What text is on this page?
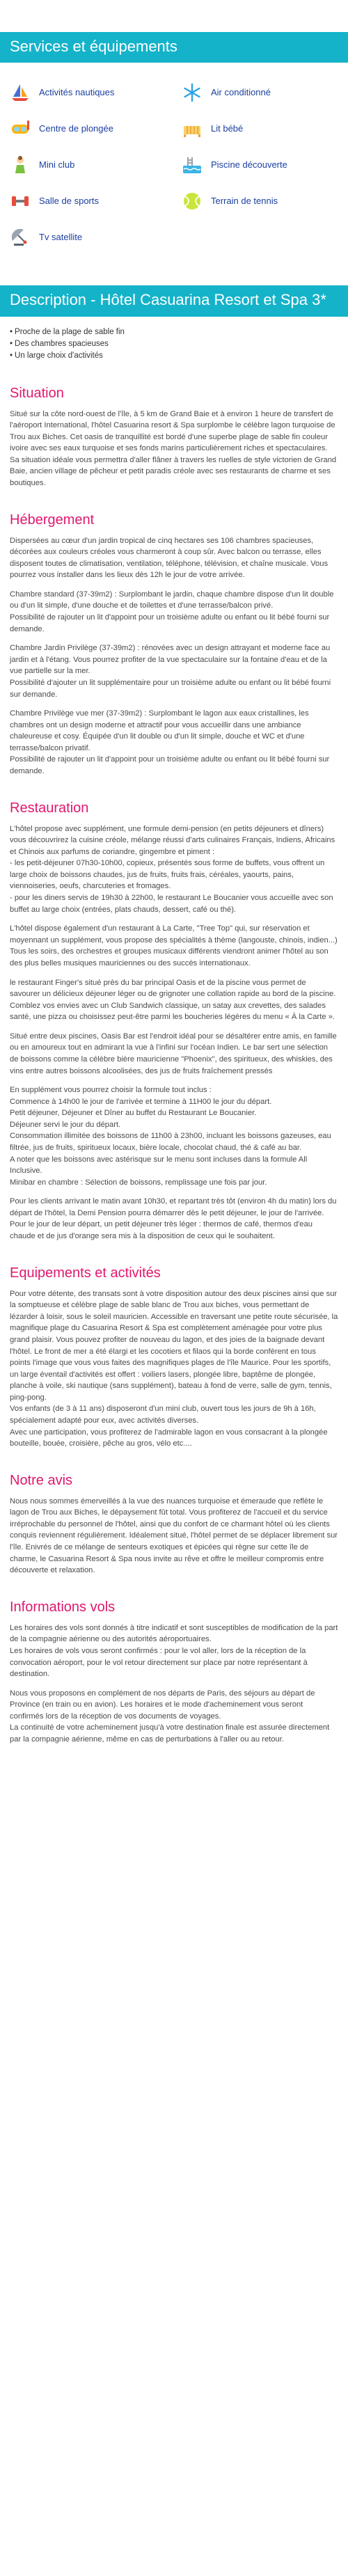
Services et équipements
Activités nautiques	Air conditionné
Centre de plongée	Lit bébé
Mini club	Piscine découverte
Salle de sports	Terrain de tennis
Tv satellite
Description - Hôtel Casuarina Resort et Spa 3*
• Proche de la plage de sable fin
• Des chambres spacieuses
• Un large choix d'activités
Situation

Situé sur la côte nord-ouest de l'île, à 5 km de Grand Baie et à environ 1 heure de transfert de l'aéroport International, l'hôtel Casuarina resort & Spa surplombe le célèbre lagon turquoise de Trou aux Biches. Cet oasis de tranquillité est bordé d'une superbe plage de sable fin couleur ivoire avec ses eaux turquoise et ses fonds marins particulièrement riches et spectaculaires. Sa situation idéale vous permettra d'aller flâner à travers les ruelles de style victorien de Grand Baie, ancien village de pêcheur et petit paradis créole avec ses restaurants de charme et ses boutiques.

Hébergement

Dispersées au cœur d'un jardin tropical de cinq hectares ses 106 chambres spacieuses, décorées aux couleurs créoles vous charmeront à coup sûr. Avec balcon ou terrasse, elles disposent toutes de climatisation, ventilation, téléphone, télévision, et chaîne musicale. Vous pourrez vous installer dans les lieux dès 12h le jour de votre arrivée.

Chambre standard (37-39m2) : Surplombant le jardin, chaque chambre dispose d'un lit double ou d'un lit simple, d'une douche et de toilettes et d'une terrasse/balcon privé.

Possibilité de rajouter un lit d'appoint pour un troisième adulte ou enfant ou lit bébé fourni sur demande.

Chambre Jardin Privilège (37-39m2) : rénovées avec un design attrayant et moderne face au jardin et à l'étang. Vous pourrez profiter de la vue spectaculaire sur la fontaine d'eau et de la vue partielle sur la mer.

Possibilité d'ajouter un lit supplémentaire pour un troisième adulte ou enfant ou lit bébé fourni sur demande.

Chambre Privilège vue mer (37-39m2) : Surplombant le lagon aux eaux cristallines, les chambres ont un design moderne et attractif pour vous accueillir dans une ambiance chaleureuse et cosy. Équipée d'un lit double ou d'un lit simple, douche et WC et d'une terrasse/balcon privatif.

Possibilité de rajouter un lit d'appoint pour un troisième adulte ou enfant ou lit bébé fourni sur demande.

Restauration

L'hôtel propose avec supplément, une formule demi-pension (en petits déjeuners et dîners) vous découvrirez la cuisine créole, mélange réussi d'arts culinaires Français, Indiens, Africains et Chinois aux parfums de coriandre, gingembre et piment :

- les petit-déjeuner 07h30-10h00, copieux, présentés sous forme de buffets, vous offrent un large choix de boissons chaudes, jus de fruits, fruits frais, céréales, yaourts, pains, viennoiseries, oeufs, charcuteries et fromages.

- pour les diners servis de 19h30 à 22h00, le restaurant Le Boucanier vous accueille avec son buffet au large choix (entrées, plats chauds, dessert, café ou thé).

L'hôtel dispose également d'un restaurant à La Carte, "Tree Top" qui, sur réservation et moyennant un supplément, vous propose des spécialités à thème (langouste, chinois, indien...)

Tous les soirs, des orchestres et groupes musicaux différents viendront animer l'hôtel au son des plus belles musiques mauriciennes ou des succès internationaux.

le restaurant Finger's situé près du bar principal Oasis et de la piscine vous permet de savourer un délicieux déjeuner léger ou de grignoter une collation rapide au bord de la piscine. Comblez vos envies avec un Club Sandwich classique, un satay aux crevettes, des salades santé, une pizza ou choisissez peut-être parmi les boucheries légères du menu « À la Carte ».

Situé entre deux piscines, Oasis Bar est l'endroit idéal pour se désaltérer entre amis, en famille ou en amoureux tout en admirant la vue à l'infini sur l'océan Indien. Le bar sert une sélection de boissons comme la célèbre bière mauricienne "Phoenix", des spiritueux, des whiskies, des vins entre autres boissons alcoolisées, des jus de fruits fraîchement pressés

En supplément vous pourrez choisir la formule tout inclus :

Commence à 14h00 le jour de l'arrivée et termine à 11H00 le jour du départ.

Petit déjeuner, Déjeuner et Dîner au buffet du Restaurant Le Boucanier.

Déjeuner servi le jour du départ.

Consommation illimitée des boissons de 11h00 à 23h00, incluant les boissons gazeuses, eau filtrée, jus de fruits, spiritueux locaux, bière locale, chocolat chaud, thé & café au bar.

A noter que les boissons avec astérisque sur le menu sont incluses dans la formule All Inclusive.

Minibar en chambre : Sélection de boissons, remplissage une fois par jour.

Pour les clients arrivant le matin avant 10h30, et repartant très tôt (environ 4h du matin) lors du départ de l'hôtel, la Demi Pension pourra démarrer dès le petit déjeuner, le jour de l'arrivée.

Pour le jour de leur départ, un petit déjeuner très léger : thermos de café, thermos d'eau chaude et de jus d'orange sera mis à la disposition de ceux qui le souhaitent.

Equipements et activités

Pour votre détente, des transats sont à votre disposition autour des deux piscines ainsi que sur la somptueuse et célèbre plage de sable blanc de Trou aux biches, vous permettant de lézarder à loisir, sous le soleil mauricien. Accessible en traversant une petite route sécurisée, la magnifique plage du Casuarina Resort & Spa est complètement aménagée pour votre plus grand plaisir. Vous pouvez profiter de nouveau du lagon, et des joies de la baignade devant l'hôtel. Le front de mer a été élargi et les cocotiers et filaos qui la borde confèrent en tous points l'image que vous vous faites des magnifiques plages de l'île Maurice. Pour les sportifs, un large éventail d'activités est offert : voiliers lasers, plongée libre, baptême de plongée, planche à voile, ski nautique (sans supplément), bateau à fond de verre, salle de gym, tennis, ping-pong.

Vos enfants (de 3 à 11 ans) disposeront d'un mini club, ouvert tous les jours de 9h à 16h, spécialement adapté pour eux, avec activités diverses.

Avec une participation, vous profiterez de l'admirable lagon en vous consacrant à la plongée bouteille, bouée, croisière, pêche au gros, vélo etc....

Notre avis

Nous nous sommes émerveillés à la vue des nuances turquoise et émeraude que reflète le lagon de Trou aux Biches, le dépaysement fût total. Vous profiterez de l'accueil et du service irréprochable du personnel de l'hôtel, ainsi que du confort de ce charmant hôtel où les clients conquis reviennent régulièrement. Idéalement situé, l'hôtel permet de se déplacer librement sur l'île. Enivrés de ce mélange de senteurs exotiques et épicées qui règne sur cette île de charme, le Casuarina Resort & Spa nous invite au rêve et offre le meilleur compromis entre découverte et relaxation.

Informations vols

Les horaires des vols sont donnés à titre indicatif et sont susceptibles de modification de la part de la compagnie aérienne ou des autorités aéroportuaires.

Les horaires de vols vous seront confirmés : pour le vol aller, lors de la réception de la convocation aéroport, pour le vol retour directement sur place par notre représentant à destination.

Nous vous proposons en complément de nos départs de Paris, des séjours au départ de Province (en train ou en avion). Les horaires et le mode d'acheminement vous seront confirmés lors de la réception de vos documents de voyages.

La continuité de votre acheminement jusqu'à votre destination finale est assurée directement par la compagnie aérienne, même en cas de perturbations à l'aller ou au retour.
